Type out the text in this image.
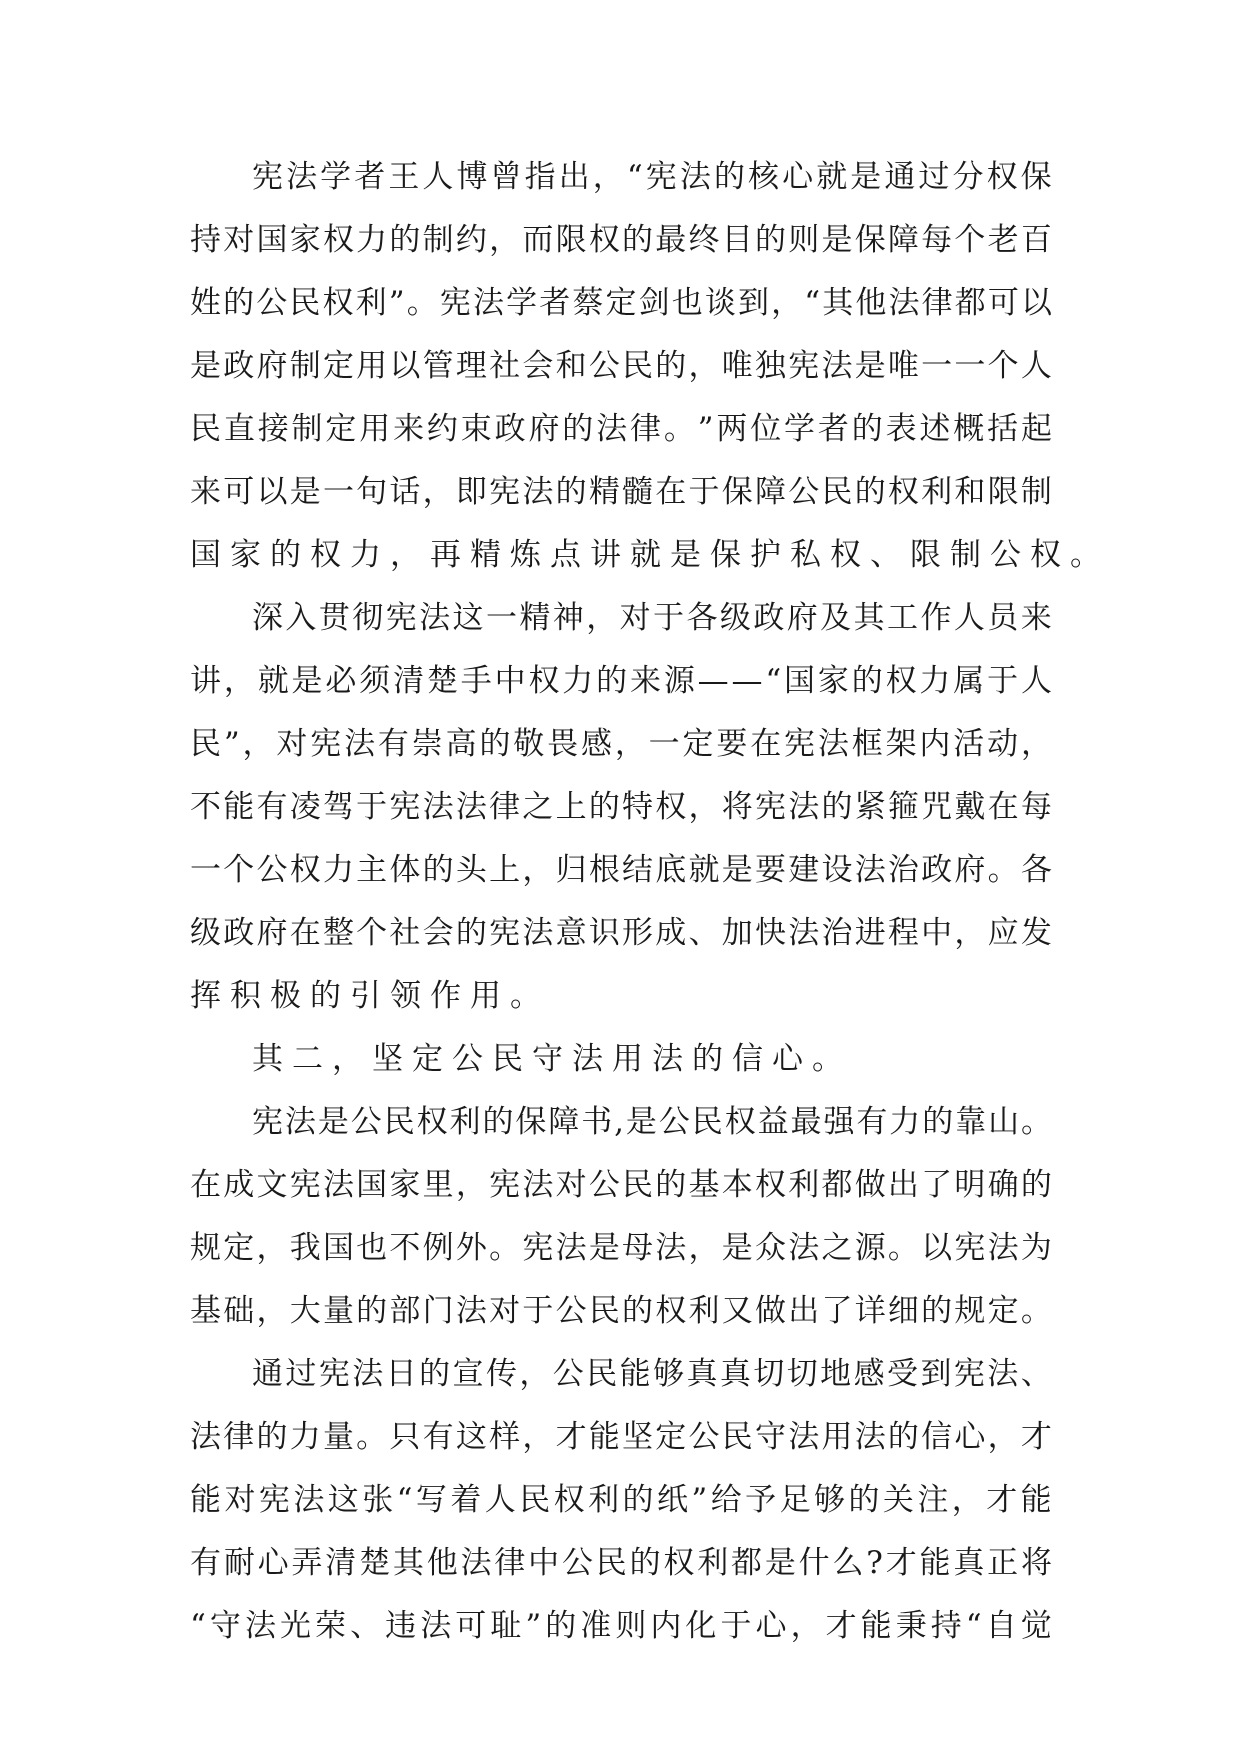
宪 法 学 者 王 人 博 曾 指 出 ， “ 宪 法 的 核 心 就 是 通 过 分 权 保
持 对 国 家 权 力 的 制 约 ， 而 限 权 的 最 终 目 的 则 是 保 障 每 个 老 百
姓 的 公 民 权 利 ” 。 宪 法 学 者 蔡 定 剑 也 谈 到 ， “ 其 他 法 律 都 可 以
是 政 府 制 定 用 以 管 理 社 会 和 公 民 的 ， 唯 独 宪 法 是 唯 一 一 个 人
民 直 接 制 定 用 来 约 束 政 府 的 法 律 。 ” 两 位 学 者 的 表 述 概 括 起
来 可 以 是 一 句 话 ， 即 宪 法 的 精 髓 在 于 保 障 公 民 的 权 利 和 限 制
国家的权力，再精炼点讲就是保护私权、限制公权。
深 入 贯 彻 宪 法 这 一 精 神 ， 对 于 各 级 政 府 及 其 工 作 人 员 来
讲 ， 就 是 必 须 清 楚 手 中 权 力 的 来 源 — — “ 国 家 的 权 力 属 于 人
民 ” ， 对 宪 法 有 崇 高 的 敬 畏 感 ， 一 定 要 在 宪 法 框 架 内 活 动 ，
不 能 有 凌 驾 于 宪 法 法 律 之 上 的 特 权 ， 将 宪 法 的 紧 箍 咒 戴 在 每
一 个 公 权 力 主 体 的 头 上 ， 归 根 结 底 就 是 要 建 设 法 治 政 府 。 各
级 政 府 在 整 个 社 会 的 宪 法 意 识 形 成 、 加 快 法 治 进 程 中 ， 应 发
挥积极的引领作用。
其二，坚定公民守法用法的信心。
宪 法 是 公 民 权 利 的 保 障 书 , 是 公 民 权 益 最 强 有 力 的 靠 山 。
在 成 文 宪 法 国 家 里 ， 宪 法 对 公 民 的 基 本 权 利 都 做 出 了 明 确 的
规 定 ， 我 国 也 不 例 外 。 宪 法 是 母 法 ， 是 众 法 之 源 。 以 宪 法 为
基 础 ， 大 量 的 部 门 法 对 于 公 民 的 权 利 又 做 出 了 详 细 的 规 定 。
通 过 宪 法 日 的 宣 传 ， 公 民 能 够 真 真 切 切 地 感 受 到 宪 法 、
法 律 的 力 量 。 只 有 这 样 ， 才 能 坚 定 公 民 守 法 用 法 的 信 心 ， 才
能 对 宪 法 这 张 “ 写 着 人 民 权 利 的 纸 ” 给 予 足 够 的 关 注 ， 才 能
有 耐 心 弄 清 楚 其 他 法 律 中 公 民 的 权 利 都 是 什 么 ? 才 能 真 正 将
“ 守 法 光 荣 、 违 法 可 耻 ” 的 准 则 内 化 于 心 ， 才 能 秉 持 “ 自 觉
